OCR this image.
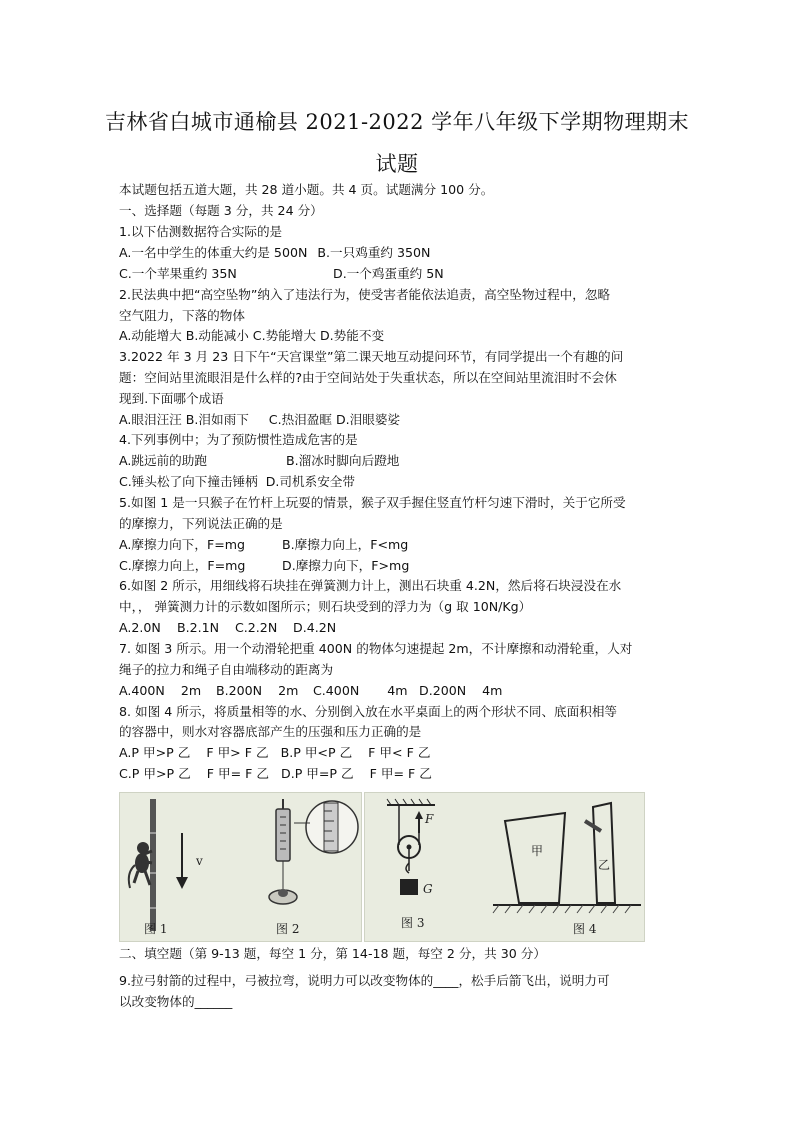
吉林省白城市通榆县 2021-2022 学年八年级下学期物理期末
试题
本试题包括五道大题，共 28 道小题。共 4 页。试题满分 100 分。
一、选择题（每题 3 分，共 24 分）
1.以下估测数据符合实际的是
A.一名中学生的体重大约是 500N B.一只鸡重约 350N
C.一个苹果重约 35N	D.一个鸡蛋重约 5N
2.民法典中把“高空坠物”纳入了违法行为，使受害者能依法追责，高空坠物过程中，忽略
空气阻力，下落的物体
A.动能增大 B.动能减小 C.势能增大 D.势能不变
3.2022 年 3 月 23 日下午“天宫课堂”第二课天地互动提问环节，有同学提出一个有趣的问
题：空间站里流眼泪是什么样的?由于空间站处于失重状态，所以在空间站里流泪时不会休
现到.下面哪个成语
A.眼泪汪汪 B.泪如雨下 C.热泪盈眶 D.泪眼婆娑
4.下列事例中；为了预防惯性造成危害的是
A.跳远前的助跑	B.溜冰时脚向后蹬地
C.锤头松了向下撞击锤柄 D.司机系安全带
5.如图 1 是一只猴子在竹杆上玩耍的情景，猴子双手握住竖直竹杆匀速下滑时，关于它所受
的摩擦力，下列说法正确的是
A.摩擦力向下，F=mg	B.摩擦力向上，F<mg
C.摩擦力向上，F=mg	D.摩擦力向下，F>mg
6.如图 2 所示，用细线将石块挂在弹簧测力计上，测出石块重 4.2N，然后将石块浸没在水
中，， 弹簧测力计的示数如图所示；则石块受到的浮力为（g 取 10N/Kg）
A.2.0N B.2.1N C.2.2N D.4.2N
7. 如图 3 所示。用一个动滑轮把重 400N 的物体匀速提起 2m，不计摩擦和动滑轮重，人对
绳子的拉力和绳子自由端移动的距离为
A.400N    2m B.200N    2m C.400N       4m D.200N    4m
8. 如图 4 所示，将质量相等的水、分别倒入放在水平桌面上的两个形状不同、底面积相等
的容器中，则水对容器底部产生的压强和压力正确的是
A.P 甲>P 乙    F 甲> F 乙   B.P 甲<P 乙    F 甲< F 乙
C.P 甲>P 乙    F 甲= F 乙   D.P 甲=P 乙    F 甲= F 乙
v
图 1	图 2
F
G
图 3
甲
乙
图 4
二、填空题（第 9-13 题，每空 1 分，第 14-18 题，每空 2 分，共 30 分）
9.拉弓射箭的过程中，弓被拉弯，说明力可以改变物体的____，松手后箭飞出，说明力可
以改变物体的______
